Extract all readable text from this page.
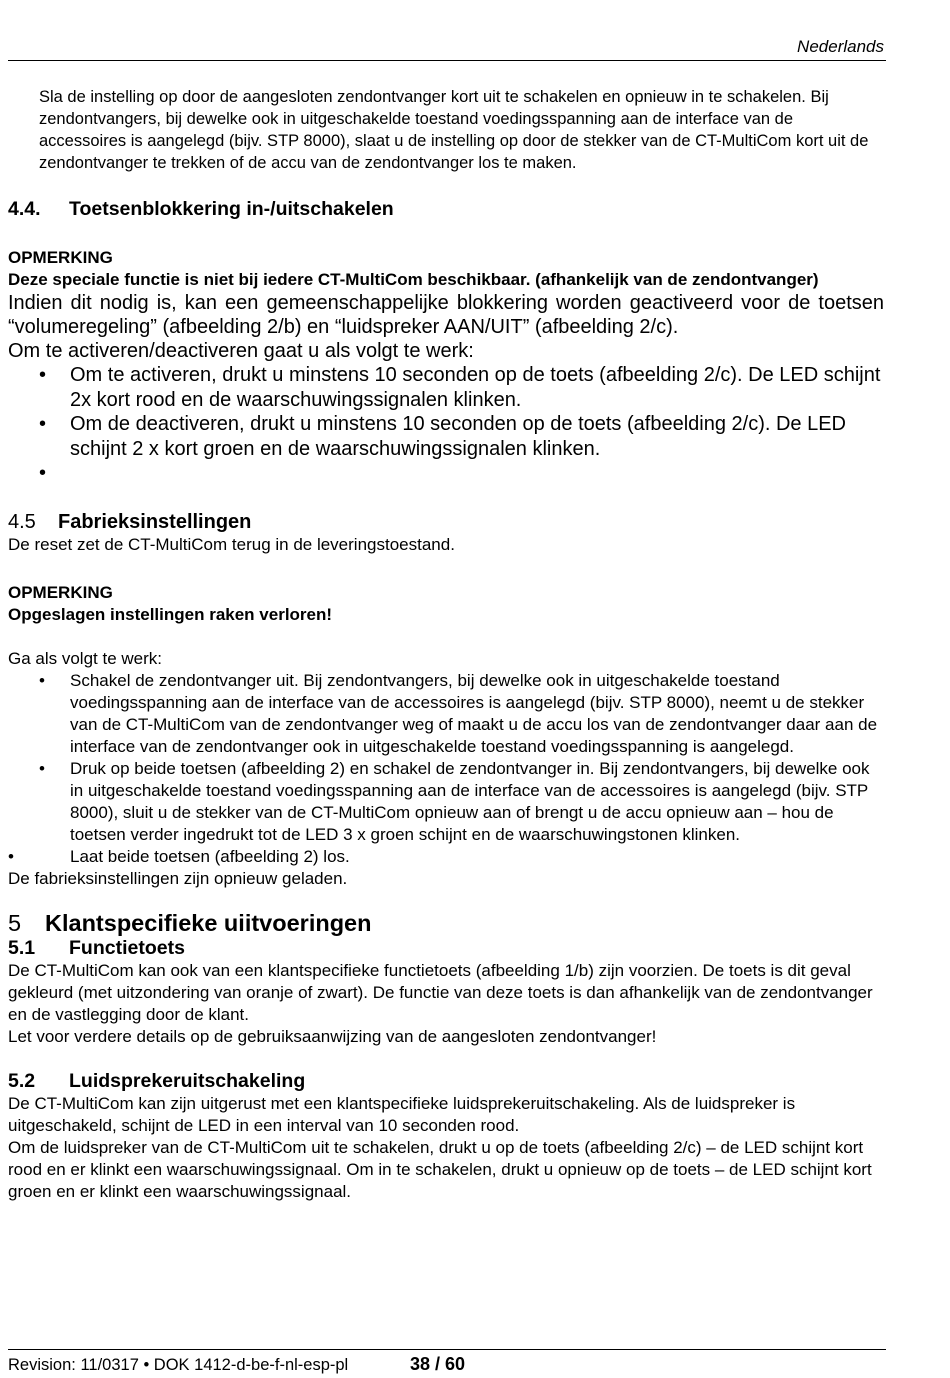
Nederlands

Sla de instelling op door de aangesloten zendontvanger kort uit te schakelen en opnieuw in te schakelen. Bij zendontvangers, bij dewelke ook in uitgeschakelde toestand voedingsspanning aan de interface van de accessoires is aangelegd (bijv. STP 8000), slaat u de instelling op door de stekker van de CT-MultiCom kort uit de zendontvanger te trekken of de accu van de zendontvanger los te maken.

4.4. Toetsenblokkering in-/uitschakelen

OPMERKING

Deze speciale functie is niet bij iedere CT-MultiCom beschikbaar. (afhankelijk van de zendontvanger)

Indien dit nodig is, kan een gemeenschappelijke blokkering worden geactiveerd voor de toetsen “volumeregeling” (afbeelding 2/b) en “luidspreker AAN/UIT” (afbeelding 2/c).

Om te activeren/deactiveren gaat u als volgt te werk:

• Om te activeren, drukt u minstens 10 seconden op de toets (afbeelding 2/c). De LED schijnt 2x kort rood en de waarschuwingssignalen klinken.
• Om de deactiveren, drukt u minstens 10 seconden op de toets (afbeelding 2/c). De LED schijnt 2 x kort groen en de waarschuwingssignalen klinken.
•
4.5 Fabrieksinstellingen

De reset zet de CT-MultiCom terug in de leveringstoestand.

OPMERKING

Opgeslagen instellingen raken verloren!

Ga als volgt te werk:

• Schakel de zendontvanger uit. Bij zendontvangers, bij dewelke ook in uitgeschakelde toestand voedingsspanning aan de interface van de accessoires is aangelegd (bijv. STP 8000), neemt u de stekker van de CT-MultiCom van de zendontvanger weg of maakt u de accu los van de zendontvanger daar aan de interface van de zendontvanger ook in uitgeschakelde toestand voedingsspanning is aangelegd.
• Druk op beide toetsen (afbeelding 2) en schakel de zendontvanger in. Bij zendontvangers, bij dewelke ook in uitgeschakelde toestand voedingsspanning aan de interface van de accessoires is aangelegd (bijv. STP 8000), sluit u de stekker van de CT-MultiCom opnieuw aan of brengt u de accu opnieuw aan – hou de toetsen verder ingedrukt tot de LED 3 x groen schijnt en de waarschuwingstonen klinken.
• Laat beide toetsen (afbeelding 2) los.

De fabrieksinstellingen zijn opnieuw geladen.

5 Klantspecifieke uiitvoeringen
5.1 Functietoets

De CT-MultiCom kan ook van een klantspecifieke functietoets (afbeelding 1/b) zijn voorzien. De toets is dit geval gekleurd (met uitzondering van oranje of zwart). De functie van deze toets is dan afhankelijk van de zendontvanger en de vastlegging door de klant.

Let voor verdere details op de gebruiksaanwijzing van de aangesloten zendontvanger!

5.2 Luidsprekeruitschakeling

De CT-MultiCom kan zijn uitgerust met een klantspecifieke luidsprekeruitschakeling. Als de luidspreker is uitgeschakeld, schijnt de LED in een interval van 10 seconden rood.

Om de luidspreker van de CT-MultiCom uit te schakelen, drukt u op de toets (afbeelding 2/c) – de LED schijnt kort rood en er klinkt een waarschuwingssignaal. Om in te schakelen, drukt u opnieuw op de toets – de LED schijnt kort groen en er klinkt een waarschuwingssignaal.

Revision: 11/0317 • DOK 1412-d-be-f-nl-esp-pl	38 / 60
